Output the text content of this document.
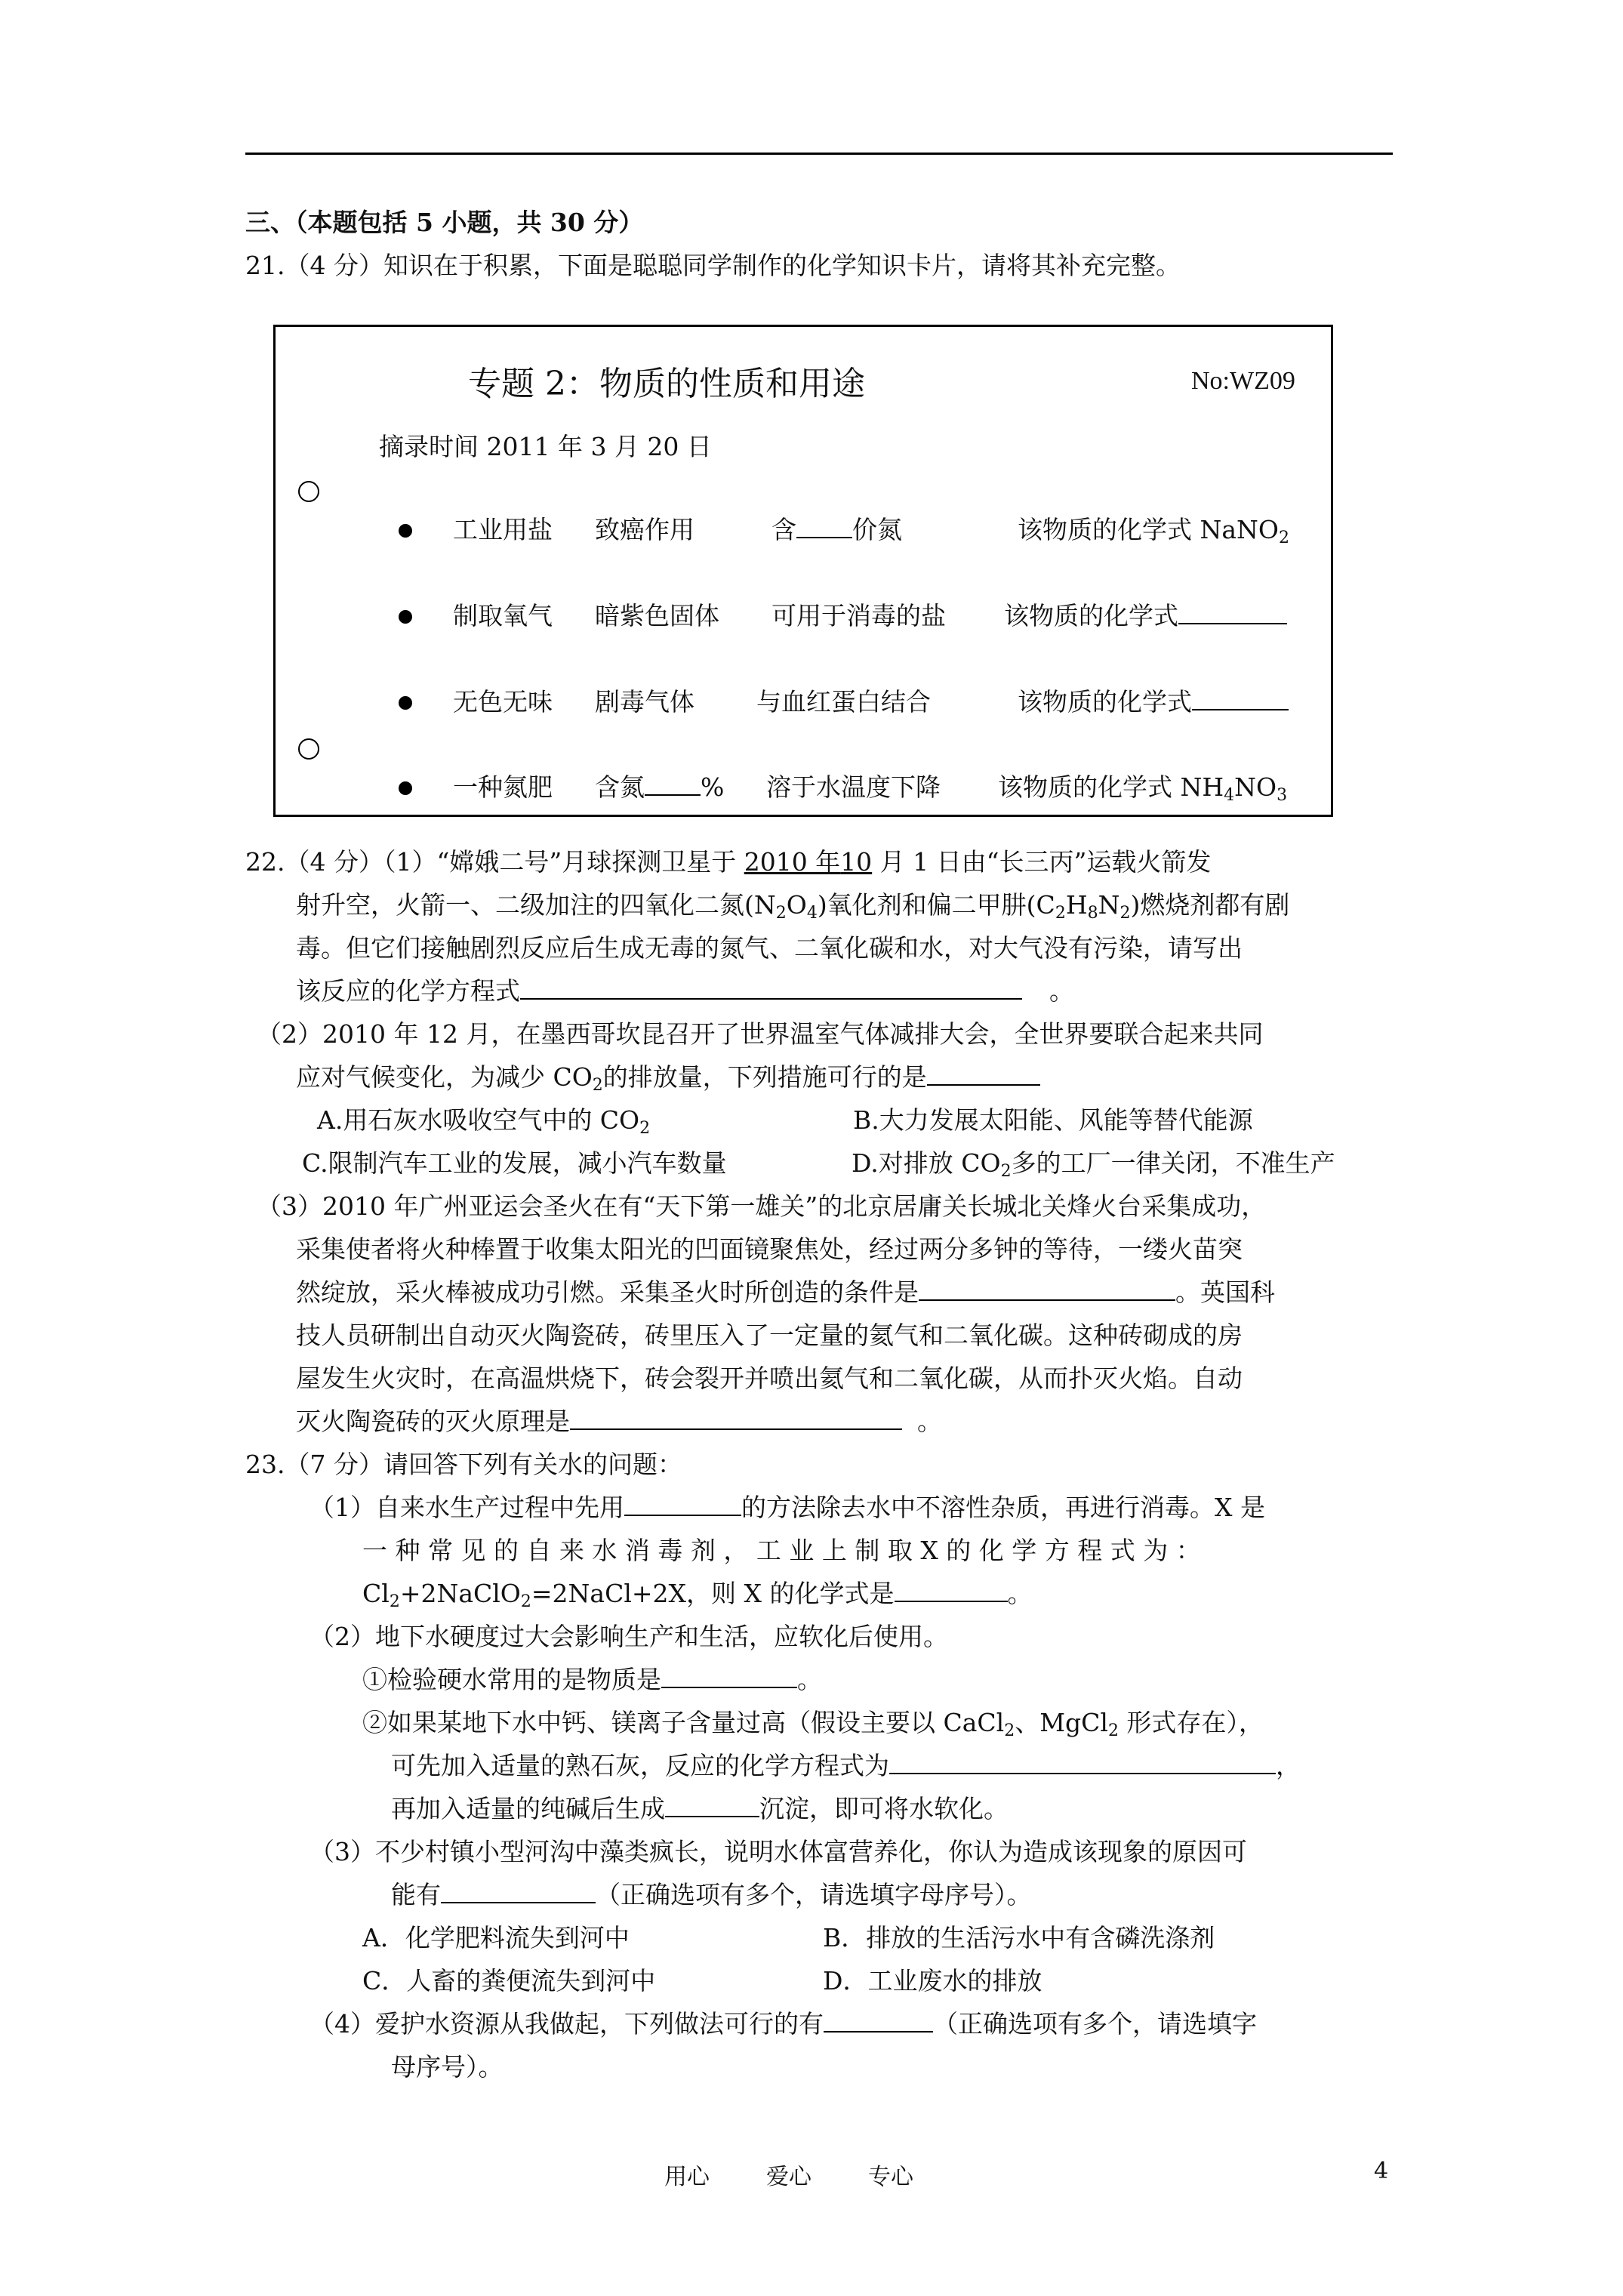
三、（本题包括 5 小题，共 30 分）
21.（4 分）知识在于积累，下面是聪聪同学制作的化学知识卡片，请将其补充完整。
专题 2：物质的性质和用途	No:WZ09
摘录时间 2011 年 3 月 20 日
工业用盐 致癌作用	含 价氮	该物质的化学式 NaNO$_2$
制取氧气 暗紫色固体 可用于消毒的盐 该物质的化学式
无色无味 剧毒气体 与血红蛋白结合	该物质的化学式
一种氮肥 含氮 % 溶于水温度下降 该物质的化学式 $NH_4NO_3$
22.（4 分）（1）“嫦娥二号”月球探测卫星于 2010 年10 月 1 日由“长三丙”运载火箭发
射升空，火箭一、二级加注的四氧化二氮$(N_2O_4)$氧化剂和偏二甲肼$(C_2H_8N_2)$燃烧剂都有剧
毒。但它们接触剧烈反应后生成无毒的氮气、二氧化碳和水，对大气没有污染，请写出
该反应的化学方程式	。
（2）2010 年 12 月，在墨西哥坎昆召开了世界温室气体减排大会，全世界要联合起来共同
应对气候变化，为减少 $CO_2$的排放量，下列措施可行的是
A.用石灰水吸收空气中的 $CO_2$	B.大力发展太阳能、风能等替代能源
C.限制汽车工业的发展，减小汽车数量	D.对排放 $CO_2$多的工厂一律关闭，不准生产
（3）2010 年广州亚运会圣火在有“天下第一雄关”的北京居庸关长城北关烽火台采集成功，
采集使者将火种棒置于收集太阳光的凹面镜聚焦处，经过两分多钟的等待，一缕火苗突
然绽放，采火棒被成功引燃。采集圣火时所创造的条件是	。英国科
技人员研制出自动灭火陶瓷砖，砖里压入了一定量的氦气和二氧化碳。这种砖砌成的房
屋发生火灾时，在高温烘烧下，砖会裂开并喷出氦气和二氧化碳，从而扑灭火焰。自动
灭火陶瓷砖的灭火原理是	。
23.（7 分）请回答下列有关水的问题：
（1）自来水生产过程中先用	的方法除去水中不溶性杂质，再进行消毒。X 是
一 种 常 见 的 自 来 水 消 毒 剂 ， 工 业 上 制 取 X 的 化 学 方 程 式 为 ：
$Cl_2+2NaClO_2=2NaCl+2X$，则 X 的化学式是	。
（2）地下水硬度过大会影响生产和生活，应软化后使用。
①检验硬水常用的是物质是	。
②如果某地下水中钙、镁离子含量过高（假设主要以 CaCl$_2$、MgCl$_2$ 形式存在），
可先加入适量的熟石灰，反应的化学方程式为	，
再加入适量的纯碱后生成	沉淀，即可将水软化。
（3）不少村镇小型河沟中藻类疯长，说明水体富营养化，你认为造成该现象的原因可
能有	（正确选项有多个，请选填字母序号）。
A．化学肥料流失到河中	B．排放的生活污水中有含磷洗涤剂
C．人畜的粪便流失到河中	D．工业废水的排放
（4）爱护水资源从我做起，下列做法可行的有	（正确选项有多个，请选填字
母序号）。
用心	爱心	专心	4
